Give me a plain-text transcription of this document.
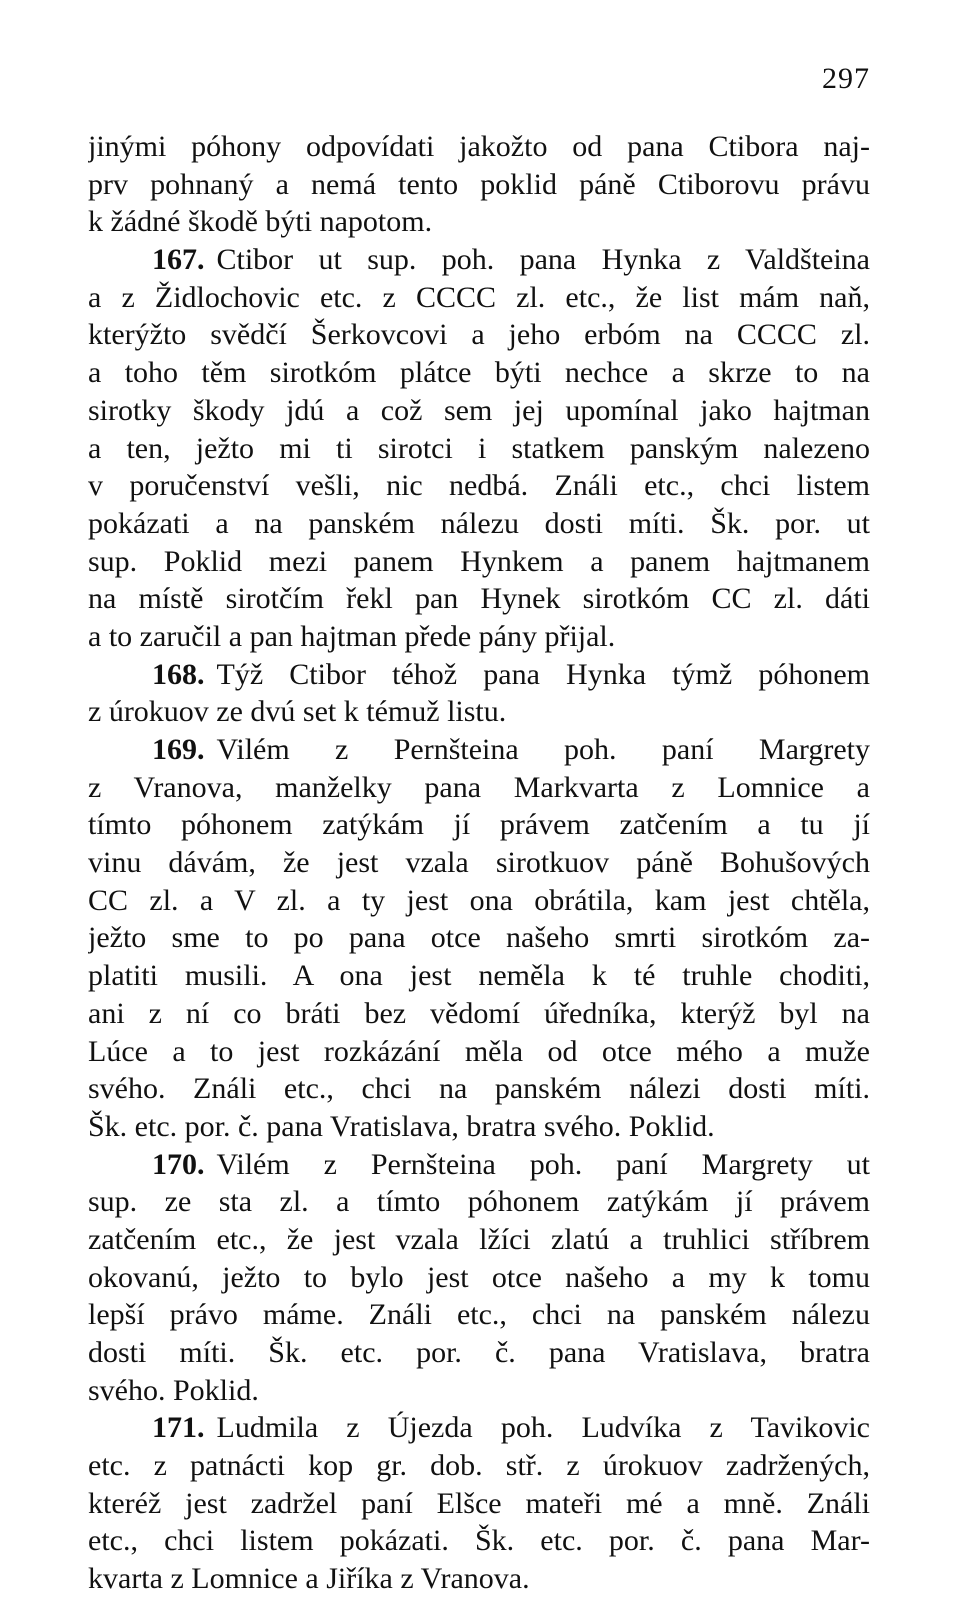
297
jinými póhony odpovídati jakožto od pana Ctibora naj-
prv pohnaný a nemá tento poklid páně Ctiborovu právu
k žádné škodě býti napotom.
167. Ctibor ut sup. poh. pana Hynka z Valdšteina
a z Židlochovic etc. z CCCC zl. etc., že list mám naň,
kterýžto svědčí Šerkovcovi a jeho erbóm na CCCC zl.
a toho těm sirotkóm plátce býti nechce a skrze to na
sirotky škody jdú a což sem jej upomínal jako hajtman
a ten, ježto mi ti sirotci i statkem panským nalezeno
v poručenství vešli, nic nedbá. Ználi etc., chci listem
pokázati a na panském nálezu dosti míti. Šk. por. ut
sup. Poklid mezi panem Hynkem a panem hajtmanem
na místě sirotčím řekl pan Hynek sirotkóm CC zl. dáti
a to zaručil a pan hajtman přede pány přijal.
168. Týž Ctibor téhož pana Hynka týmž póhonem
z úrokuov ze dvú set k témuž listu.
169. Vilém z Pernšteina poh. paní Margrety
z Vranova, manželky pana Markvarta z Lomnice a
tímto póhonem zatýkám jí právem zatčením a tu jí
vinu dávám, že jest vzala sirotkuov páně Bohušových
CC zl. a V zl. a ty jest ona obrátila, kam jest chtěla,
ježto sme to po pana otce našeho smrti sirotkóm za-
platiti musili. A ona jest neměla k té truhle choditi,
ani z ní co bráti bez vědomí úředníka, kterýž byl na
Lúce a to jest rozkázání měla od otce mého a muže
svého. Ználi etc., chci na panském nálezi dosti míti.
Šk. etc. por. č. pana Vratislava, bratra svého. Poklid.
170. Vilém z Pernšteina poh. paní Margrety ut
sup. ze sta zl. a tímto póhonem zatýkám jí právem
zatčením etc., že jest vzala lžíci zlatú a truhlici stříbrem
okovanú, ježto to bylo jest otce našeho a my k tomu
lepší právo máme. Ználi etc., chci na panském nálezu
dosti míti. Šk. etc. por. č. pana Vratislava, bratra
svého. Poklid.
171. Ludmila z Újezda poh. Ludvíka z Tavikovic
etc. z patnácti kop gr. dob. stř. z úrokuov zadržených,
kteréž jest zadržel paní Elšce mateři mé a mně. Ználi
etc., chci listem pokázati. Šk. etc. por. č. pana Mar-
kvarta z Lomnice a Jiříka z Vranova.
